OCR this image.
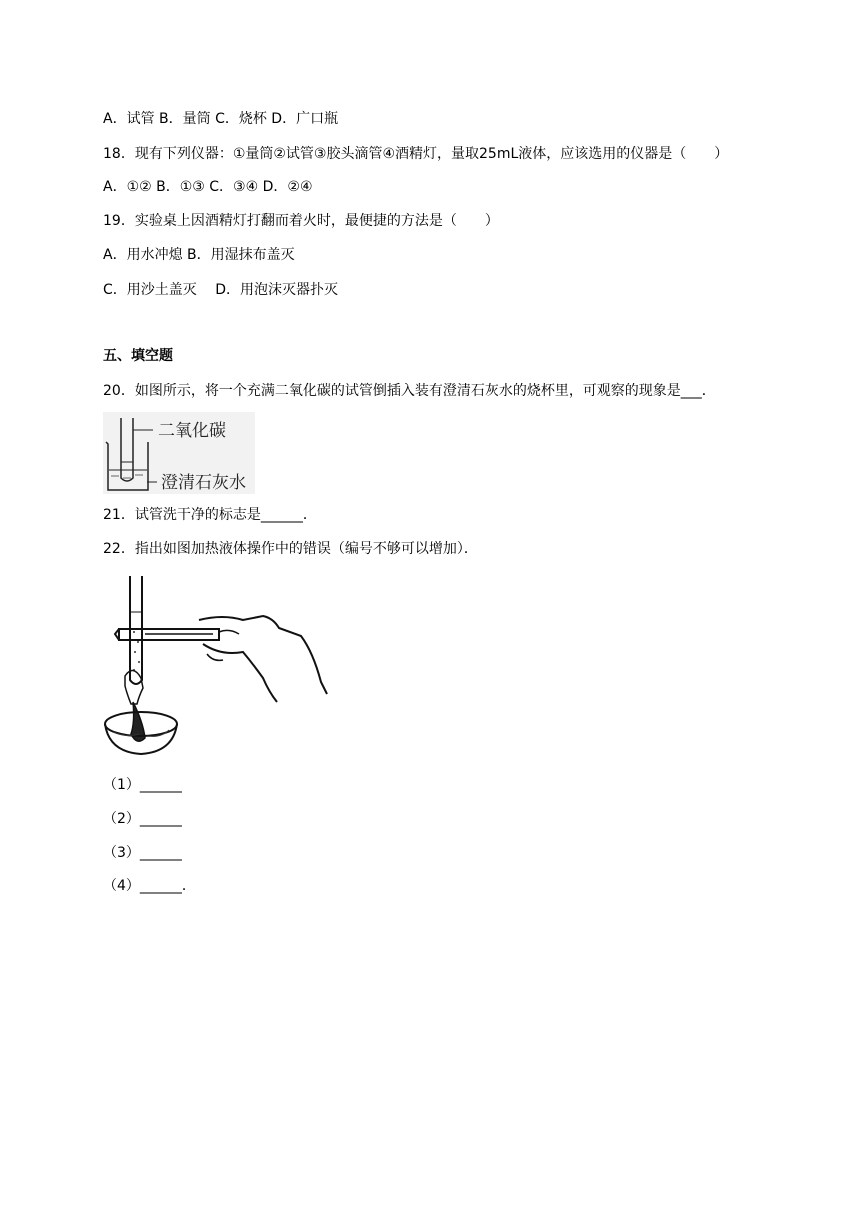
A．试管 B．量筒 C．烧杯 D．广口瓶
18．现有下列仪器：①量筒②试管③胶头滴管④酒精灯，量取25mL液体，应该选用的仪器是（　　）
A．①② B．①③ C．③④ D．②④
19．实验桌上因酒精灯打翻而着火时，最便捷的方法是（　　）
A．用水冲熄 B．用湿抹布盖灭
C．用沙土盖灭　 D．用泡沫灭器扑灭
五、填空题
20．如图所示，将一个充满二氧化碳的试管倒插入装有澄清石灰水的烧杯里，可观察的现象是___．
二氧化碳
澄清石灰水
21．试管洗干净的标志是______．
22．指出如图加热液体操作中的错误（编号不够可以增加）．
（1）______
（2）______
（3）______
（4）______．
